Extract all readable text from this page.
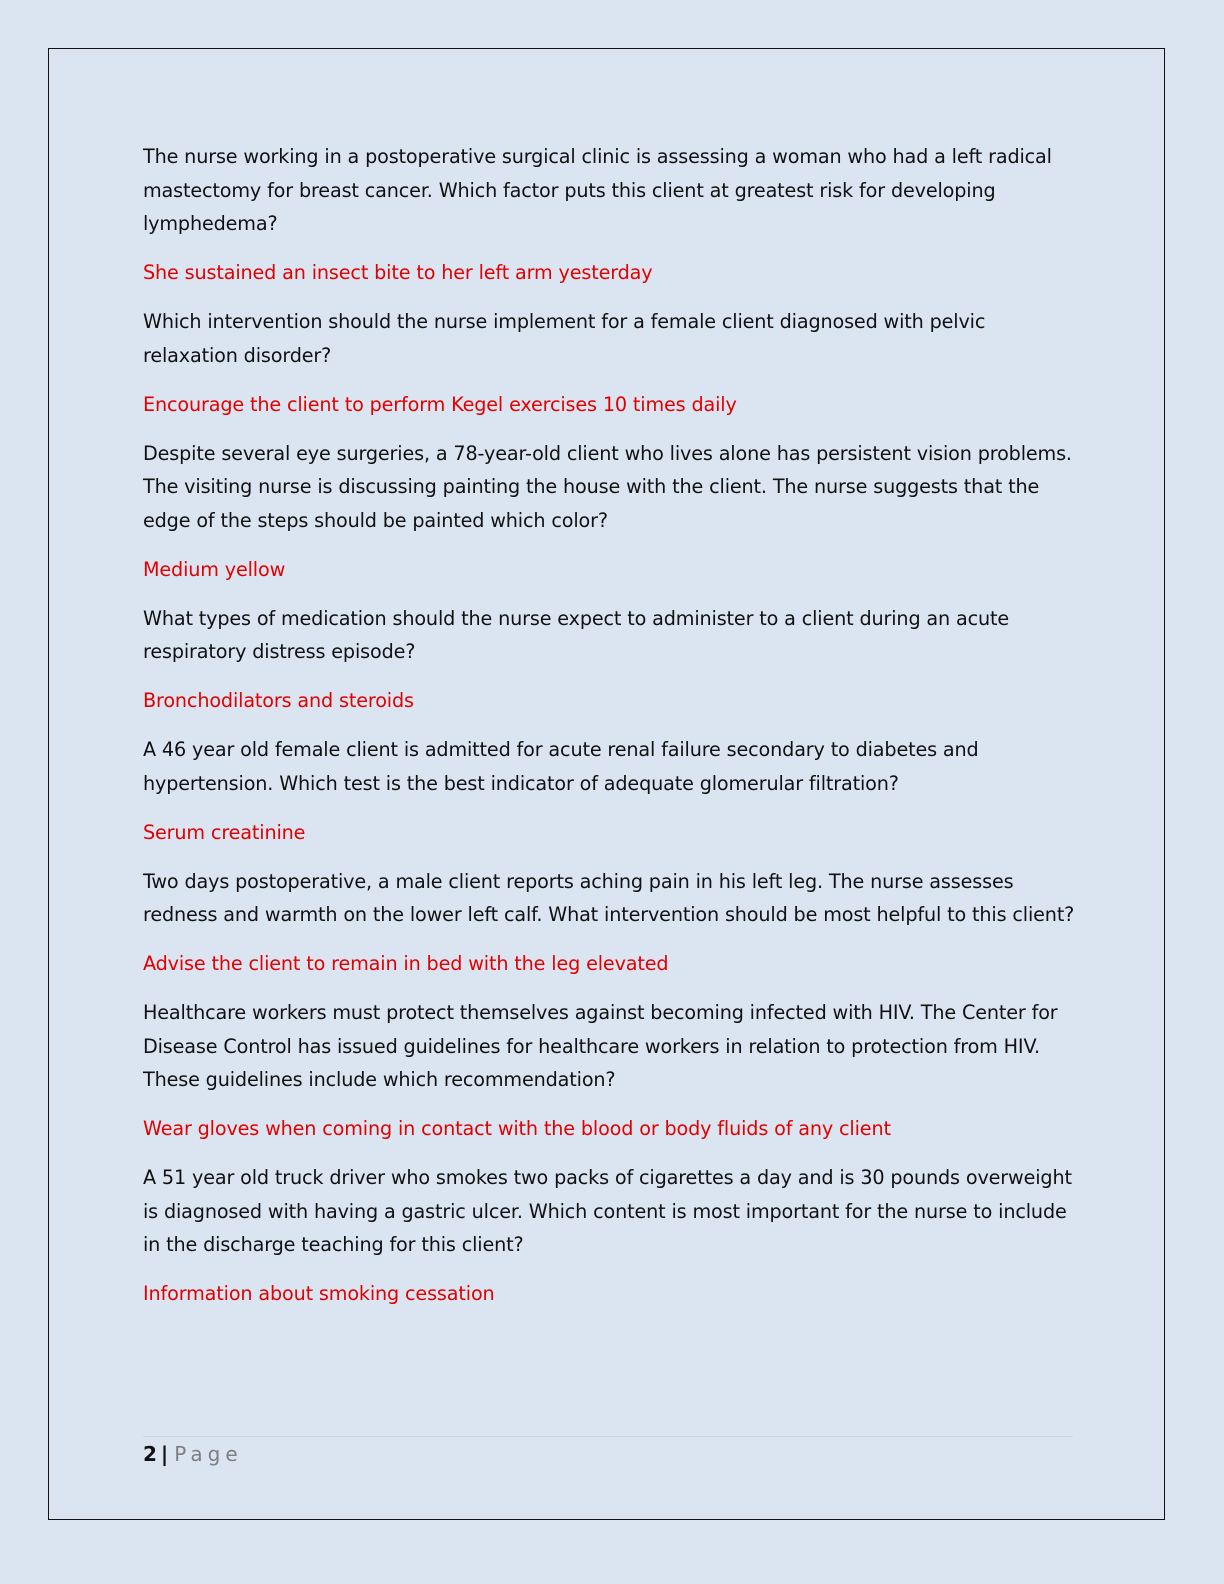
The nurse working in a postoperative surgical clinic is assessing a woman who had a left radical mastectomy for breast cancer. Which factor puts this client at greatest risk for developing lymphedema?

She sustained an insect bite to her left arm yesterday

Which intervention should the nurse implement for a female client diagnosed with pelvic relaxation disorder?

Encourage the client to perform Kegel exercises 10 times daily

Despite several eye surgeries, a 78-year-old client who lives alone has persistent vision problems. The visiting nurse is discussing painting the house with the client. The nurse suggests that the edge of the steps should be painted which color?

Medium yellow

What types of medication should the nurse expect to administer to a client during an acute respiratory distress episode?

Bronchodilators and steroids

A 46 year old female client is admitted for acute renal failure secondary to diabetes and hypertension. Which test is the best indicator of adequate glomerular filtration?

Serum creatinine

Two days postoperative, a male client reports aching pain in his left leg. The nurse assesses redness and warmth on the lower left calf. What intervention should be most helpful to this client?

Advise the client to remain in bed with the leg elevated

Healthcare workers must protect themselves against becoming infected with HIV. The Center for Disease Control has issued guidelines for healthcare workers in relation to protection from HIV. These guidelines include which recommendation?

Wear gloves when coming in contact with the blood or body fluids of any client

A 51 year old truck driver who smokes two packs of cigarettes a day and is 30 pounds overweight is diagnosed with having a gastric ulcer. Which content is most important for the nurse to include in the discharge teaching for this client?

Information about smoking cessation

2 | Page
